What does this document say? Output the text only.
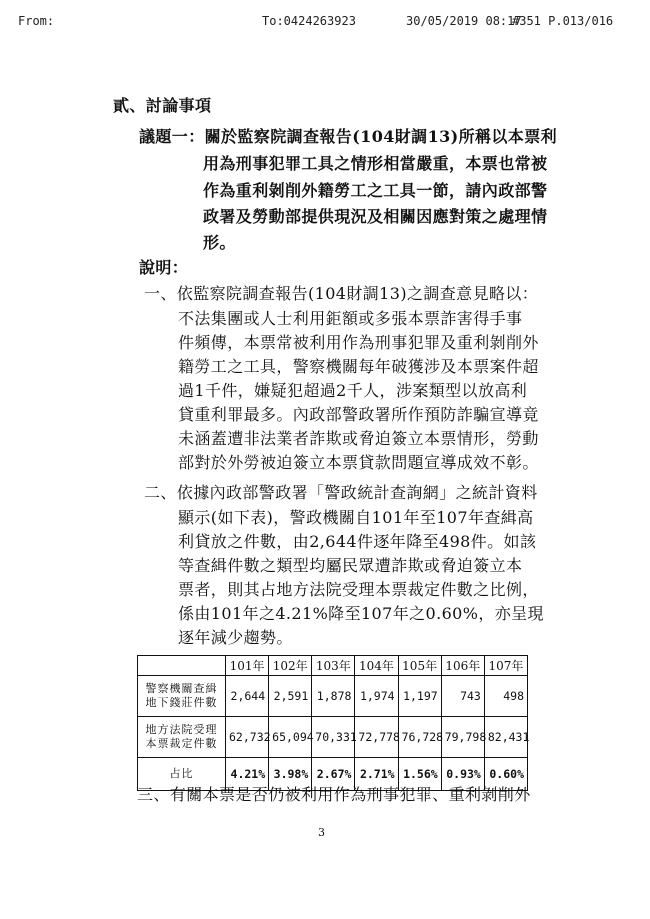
From:	To:0424263923	30/05/2019 08:17
#351 P.013/016
貳、討論事項
議題一：關於監察院調查報告(104財調13)所稱以本票利
用為刑事犯罪工具之情形相當嚴重，本票也常被
作為重利剝削外籍勞工之工具一節，請內政部警
政署及勞動部提供現況及相關因應對策之處理情
形。
說明：
一、依監察院調查報告(104財調13)之調查意見略以：
不法集團或人士利用鉅額或多張本票詐害得手事
件頻傳，本票常被利用作為刑事犯罪及重利剝削外
籍勞工之工具，警察機關每年破獲涉及本票案件超
過1千件，嫌疑犯超過2千人，涉案類型以放高利
貸重利罪最多。內政部警政署所作預防詐騙宣導竟
未涵蓋遭非法業者詐欺或脅迫簽立本票情形，勞動
部對於外勞被迫簽立本票貸款問題宣導成效不彰。
二、依據內政部警政署「警政統計查詢網」之統計資料
顯示(如下表)，警政機關自101年至107年查緝高
利貸放之件數，由2,644件逐年降至498件。如該
等查緝件數之類型均屬民眾遭詐欺或脅迫簽立本
票者，則其占地方法院受理本票裁定件數之比例，
係由101年之4.21%降至107年之0.60%，亦呈現
逐年減少趨勢。
	101年	102年	103年	104年	105年	106年	107年

警察機關查緝
地下錢莊件數	2,644	2,591	1,878	1,974	1,197	743	498

地方法院受理
本票裁定件數	62,732	65,094	70,331	72,778	76,728	79,798	82,431

占比	4.21%	3.98%	2.67%	2.71%	1.56%	0.93%	0.60%
三、有關本票是否仍被利用作為刑事犯罪、重利剝削外
3
